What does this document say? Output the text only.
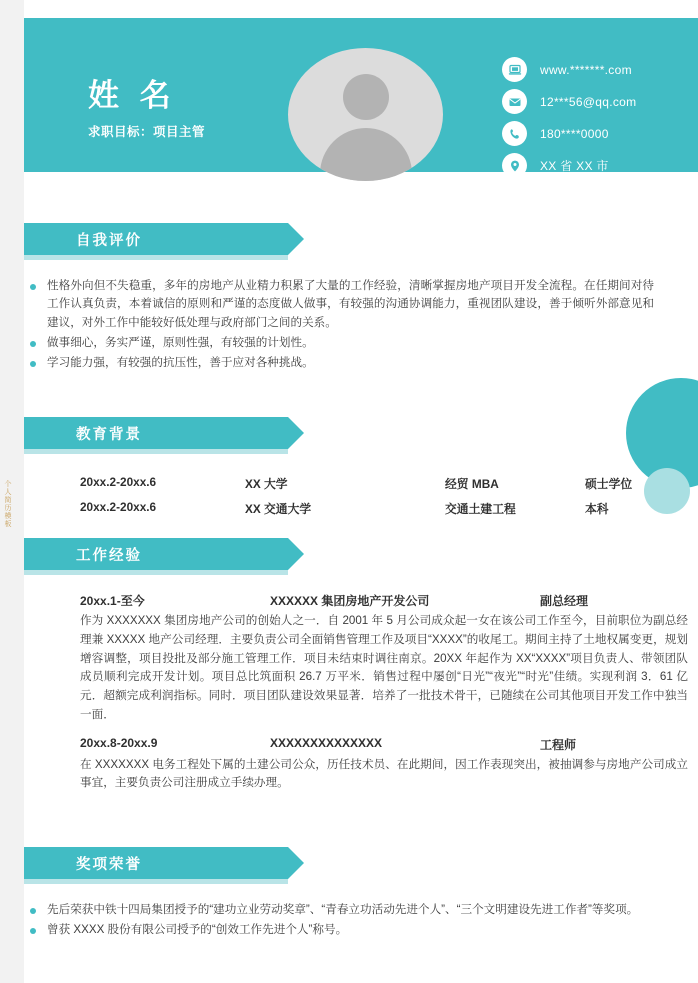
个人简历模板
姓 名
求职目标：项目主管
www.*******.com
12***56@qq.com
180****0000
XX 省 XX 市
自我评价
性格外向但不失稳重，多年的房地产从业精力积累了大量的工作经验，清晰掌握房地产项目开发全流程。在任期间对待工作认真负责，本着诚信的原则和严谨的态度做人做事，有较强的沟通协调能力，重视团队建设，善于倾听外部意见和建议，对外工作中能较好低处理与政府部门之间的关系。
做事细心，务实严谨，原则性强，有较强的计划性。
学习能力强，有较强的抗压性，善于应对各种挑战。
教育背景
20xx.2-20xx.6	XX 大学	经贸 MBA	硕士学位
20xx.2-20xx.6	XX 交通大学	交通土建工程	本科
工作经验
20xx.1-至今	XXXXXX 集团房地产开发公司	副总经理

作为 XXXXXXX 集团房地产公司的创始人之一．自 2001 年 5 月公司成众起一女在该公司工作至今，目前职位为副总经理兼 XXXXX 地产公司经理．主要负责公司全面销售管理工作及项目“XXXX”的收尾工。期间主持了土地权属变更，规划增容调整，项目投批及部分施工管理工作．项目未结束时调往南京。20XX 年起作为 XX“XXXX”项目负责人、带领团队成员顺利完成开发计划。项目总比筑面积 26.7 万平米．销售过程中屡创“日光”“夜光”“时光”佳绩。实现利润 3．61 亿元．超额完成利润指标。同时．项目团队建设效果显著．培养了一批技术骨干，已随续在公司其他项目开发工作中独当一面．

20xx.8-20xx.9	XXXXXXXXXXXXXX	工程师

在 XXXXXXX 电务工程处下属的土建公司公众，历任技术员、在此期间，因工作表现突出，被抽调参与房地产公司成立事宜，主要负责公司注册成立手续办理。

奖项荣誉
先后荣获中铁十四局集团授予的“建功立业劳动奖章”、“青春立功活动先进个人”、“三个文明建设先进工作者”等奖项。
曾获 XXXX 股份有限公司授予的“创效工作先进个人”称号。
